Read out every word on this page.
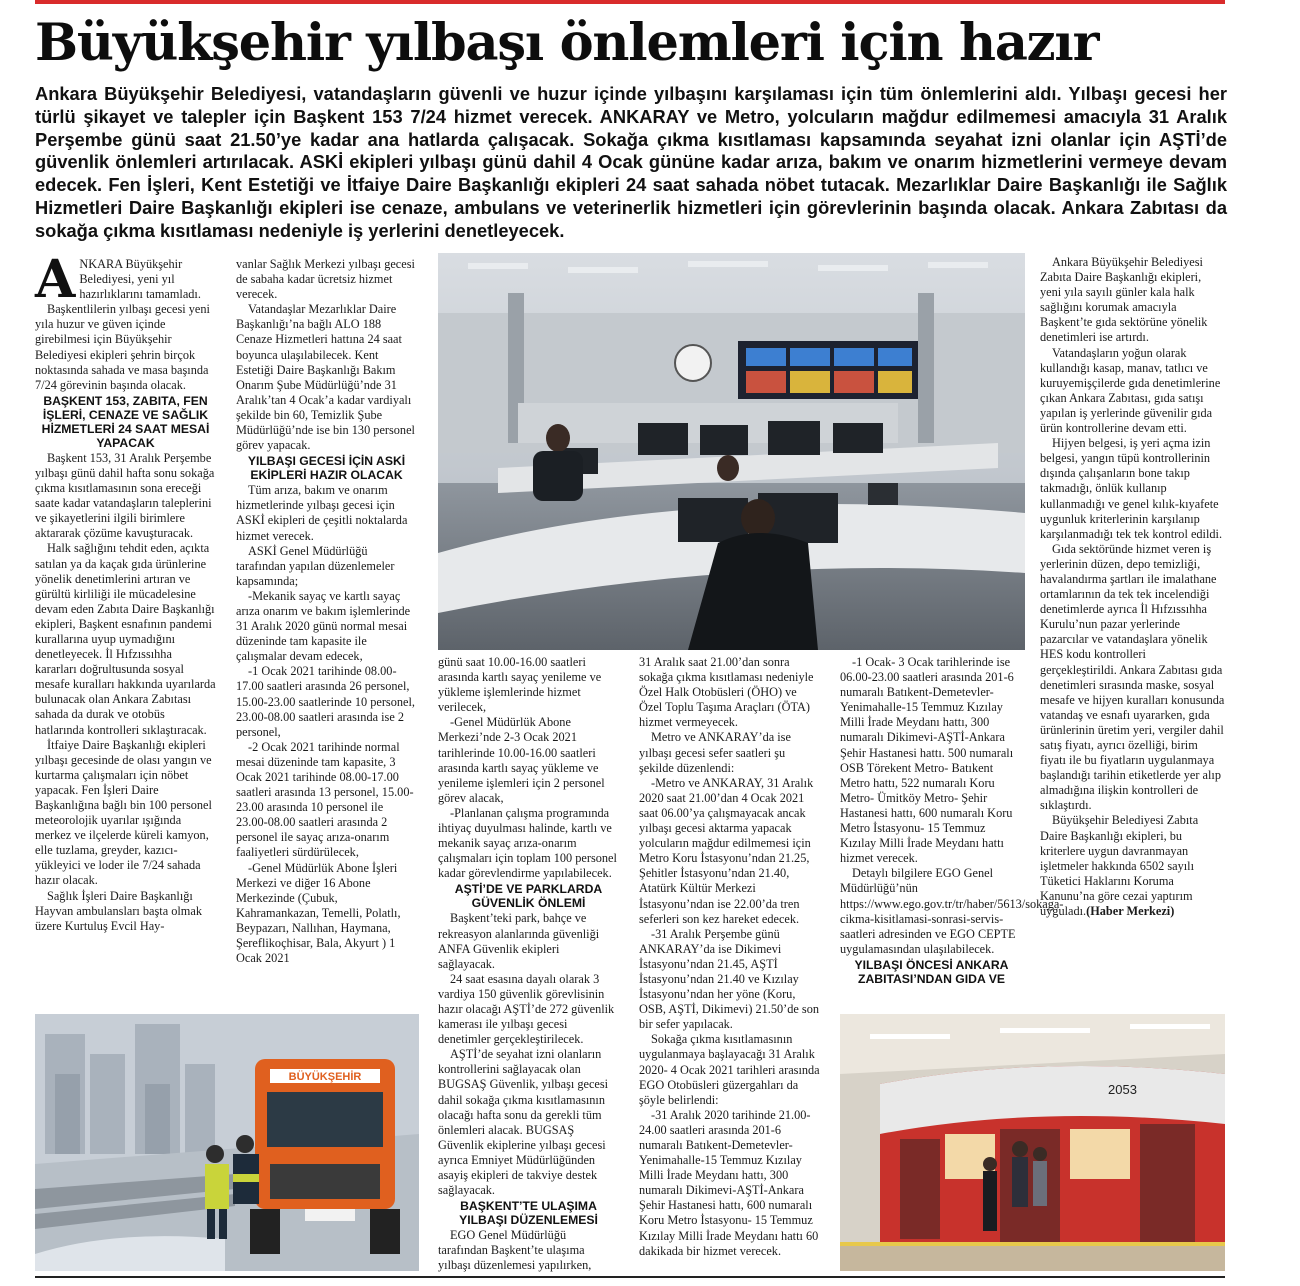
Büyükşehir yılbaşı önlemleri için hazır

Ankara Büyükşehir Belediyesi, vatandaşların güvenli ve huzur içinde yılbaşını karşılaması için tüm önlemlerini aldı. Yılbaşı gecesi her türlü şikayet ve talepler için Başkent 153 7/24 hizmet verecek. ANKARAY ve Metro, yolcuların mağdur edilmemesi amacıyla 31 Aralık Perşembe günü saat 21.50’ye kadar ana hatlarda çalışacak. Sokağa çıkma kısıtlaması kapsamında seyahat izni olanlar için AŞTİ’de güvenlik önlemleri artırılacak. ASKİ ekipleri yılbaşı günü dahil 4 Ocak gününe kadar arıza, bakım ve onarım hizmetlerini vermeye devam edecek. Fen İşleri, Kent Estetiği ve İtfaiye Daire Başkanlığı ekipleri 24 saat sahada nöbet tutacak. Mezarlıklar Daire Başkanlığı ile Sağlık Hizmetleri Daire Başkanlığı ekipleri ise cenaze, ambulans ve veterinerlik hizmetleri için görevlerinin başında olacak. Ankara Zabıtası da sokağa çıkma kısıtlaması nedeniyle iş yerlerini denetleyecek.

ANKARA Büyükşehir Belediyesi, yeni yıl hazırlıklarını tamamladı.

Başkentlilerin yılbaşı gecesi yeni yıla huzur ve güven içinde girebilmesi için Büyükşehir Belediyesi ekipleri şehrin birçok noktasında sahada ve masa başında 7/24 görevinin başında olacak.

BAŞKENT 153, ZABITA, FEN İŞLERİ, CENAZE VE SAĞLIK HİZMETLERİ 24 SAAT MESAİ YAPACAK

Başkent 153, 31 Aralık Perşembe yılbaşı günü dahil hafta sonu sokağa çıkma kısıtlamasının sona ereceği saate kadar vatandaşların taleplerini ve şikayetlerini ilgili birimlere aktararak çözüme kavuşturacak.

Halk sağlığını tehdit eden, açıkta satılan ya da kaçak gıda ürünlerine yönelik denetimlerini artıran ve gürültü kirliliği ile mücadelesine devam eden Zabıta Daire Başkanlığı ekipleri, Başkent esnafının pandemi kurallarına uyup uymadığını denetleyecek. İl Hıfzıssıhha kararları doğrultusunda sosyal mesafe kuralları hakkında uyarılarda bulunacak olan Ankara Zabıtası sahada da durak ve otobüs hatlarında kontrolleri sıklaştıracak.

İtfaiye Daire Başkanlığı ekipleri yılbaşı gecesinde de olası yangın ve kurtarma çalışmaları için nöbet yapacak. Fen İşleri Daire Başkanlığına bağlı bin 100 personel meteorolojik uyarılar ışığında merkez ve ilçelerde küreli kamyon, elle tuzlama, greyder, kazıcı-yükleyici ve loder ile 7/24 sahada hazır olacak.

Sağlık İşleri Daire Başkanlığı Hayvan ambulansları başta olmak üzere Kurtuluş Evcil Hay-

vanlar Sağlık Merkezi yılbaşı gecesi de sabaha kadar ücretsiz hizmet verecek.

Vatandaşlar Mezarlıklar Daire Başkanlığı’na bağlı ALO 188 Cenaze Hizmetleri hattına 24 saat boyunca ulaşılabilecek. Kent Estetiği Daire Başkanlığı Bakım Onarım Şube Müdürlüğü’nde 31 Aralık’tan 4 Ocak’a kadar vardiyalı şekilde bin 60, Temizlik Şube Müdürlüğü’nde ise bin 130 personel görev yapacak.

YILBAŞI GECESİ İÇİN ASKİ EKİPLERİ HAZIR OLACAK

Tüm arıza, bakım ve onarım hizmetlerinde yılbaşı gecesi için ASKİ ekipleri de çeşitli noktalarda hizmet verecek.

ASKİ Genel Müdürlüğü tarafından yapılan düzenlemeler kapsamında;

-Mekanik sayaç ve kartlı sayaç arıza onarım ve bakım işlemlerinde 31 Aralık 2020 günü normal mesai düzeninde tam kapasite ile çalışmalar devam edecek,

-1 Ocak 2021 tarihinde 08.00-17.00 saatleri arasında 26 personel, 15.00-23.00 saatlerinde 10 personel, 23.00-08.00 saatleri arasında ise 2 personel,

-2 Ocak 2021 tarihinde normal mesai düzeninde tam kapasite, 3 Ocak 2021 tarihinde 08.00-17.00 saatleri arasında 13 personel, 15.00-23.00 arasında 10 personel ile 23.00-08.00 saatleri arasında 2 personel ile sayaç arıza-onarım faaliyetleri sürdürülecek,

-Genel Müdürlük Abone İşleri Merkezi ve diğer 16 Abone Merkezinde (Çubuk, Kahramankazan, Temelli, Polatlı, Beypazarı, Nallıhan, Haymana, Şereflikoçhisar, Bala, Akyurt ) 1 Ocak 2021

günü saat 10.00-16.00 saatleri arasında kartlı sayaç yenileme ve yükleme işlemlerinde hizmet verilecek,

-Genel Müdürlük Abone Merkezi’nde 2-3 Ocak 2021 tarihlerinde 10.00-16.00 saatleri arasında kartlı sayaç yükleme ve yenileme işlemleri için 2 personel görev alacak,

-Planlanan çalışma programında ihtiyaç duyulması halinde, kartlı ve mekanik sayaç arıza-onarım çalışmaları için toplam 100 personel kadar görevlendirme yapılabilecek.

AŞTİ’DE VE PARKLARDA GÜVENLİK ÖNLEMİ

Başkent’teki park, bahçe ve rekreasyon alanlarında güvenliği ANFA Güvenlik ekipleri sağlayacak.

24 saat esasına dayalı olarak 3 vardiya 150 güvenlik görevlisinin hazır olacağı AŞTİ’de 272 güvenlik kamerası ile yılbaşı gecesi denetimler gerçekleştirilecek.

AŞTİ’de seyahat izni olanların kontrollerini sağlayacak olan BUGSAŞ Güvenlik, yılbaşı gecesi dahil sokağa çıkma kısıtlamasının olacağı hafta sonu da gerekli tüm önlemleri alacak. BUGSAŞ Güvenlik ekiplerine yılbaşı gecesi ayrıca Emniyet Müdürlüğünden asayiş ekipleri de takviye destek sağlayacak.

BAŞKENT’TE ULAŞIMA YILBAŞI DÜZENLEMESİ

EGO Genel Müdürlüğü tarafından Başkent’te ulaşıma yılbaşı düzenlemesi yapılırken,

31 Aralık saat 21.00’dan sonra sokağa çıkma kısıtlaması nedeniyle Özel Halk Otobüsleri (ÖHO) ve Özel Toplu Taşıma Araçları (ÖTA) hizmet vermeyecek.

Metro ve ANKARAY’da ise yılbaşı gecesi sefer saatleri şu şekilde düzenlendi:

-Metro ve ANKARAY, 31 Aralık 2020 saat 21.00’dan 4 Ocak 2021 saat 06.00’ya çalışmayacak ancak yılbaşı gecesi aktarma yapacak yolcuların mağdur edilmemesi için Metro Koru İstasyonu’ndan 21.25, Şehitler İstasyonu’ndan 21.40, Atatürk Kültür Merkezi İstasyonu’ndan ise 22.00’da tren seferleri son kez hareket edecek.

-31 Aralık Perşembe günü ANKARAY’da ise Dikimevi İstasyonu’ndan 21.45, AŞTİ İstasyonu’ndan 21.40 ve Kızılay İstasyonu’ndan her yöne (Koru, OSB, AŞTİ, Dikimevi) 21.50’de son bir sefer yapılacak.

Sokağa çıkma kısıtlamasının uygulanmaya başlayacağı 31 Aralık 2020- 4 Ocak 2021 tarihleri arasında EGO Otobüsleri güzergahları da şöyle belirlendi:

-31 Aralık 2020 tarihinde 21.00-24.00 saatleri arasında 201-6 numaralı Batıkent-Demetevler-Yenimahalle-15 Temmuz Kızılay Milli İrade Meydanı hattı, 300 numaralı Dikimevi-AŞTİ-Ankara Şehir Hastanesi hattı, 600 numaralı Koru Metro İstasyonu- 15 Temmuz Kızılay Milli İrade Meydanı hattı 60 dakikada bir hizmet verecek.

-1 Ocak- 3 Ocak tarihlerinde ise 06.00-23.00 saatleri arasında 201-6 numaralı Batıkent-Demetevler-Yenimahalle-15 Temmuz Kızılay Milli İrade Meydanı hattı, 300 numaralı Dikimevi-AŞTİ-Ankara Şehir Hastanesi hattı. 500 numaralı OSB Törekent Metro- Batıkent Metro hattı, 522 numaralı Koru Metro- Ümitköy Metro- Şehir Hastanesi hattı, 600 numaralı Koru Metro İstasyonu- 15 Temmuz Kızılay Milli İrade Meydanı hattı hizmet verecek.

Detaylı bilgilere EGO Genel Müdürlüğü’nün https://www.ego.gov.tr/tr/haber/5613/sokaga-cikma-kisitlamasi-sonrasi-servis-saatleri adresinden ve EGO CEPTE uygulamasından ulaşılabilecek.

YILBAŞI ÖNCESİ ANKARA ZABITASI’NDAN GIDA VE

Ankara Büyükşehir Belediyesi Zabıta Daire Başkanlığı ekipleri, yeni yıla sayılı günler kala halk sağlığını korumak amacıyla Başkent’te gıda sektörüne yönelik denetimleri ise artırdı.

Vatandaşların yoğun olarak kullandığı kasap, manav, tatlıcı ve kuruyemişçilerde gıda denetimlerine çıkan Ankara Zabıtası, gıda satışı yapılan iş yerlerinde güvenilir gıda ürün kontrollerine devam etti.

Hijyen belgesi, iş yeri açma izin belgesi, yangın tüpü kontrollerinin dışında çalışanların bone takıp takmadığı, önlük kullanıp kullanmadığı ve genel kılık-kıyafete uygunluk kriterlerinin karşılanıp karşılanmadığı tek tek kontrol edildi.

Gıda sektöründe hizmet veren iş yerlerinin düzen, depo temizliği, havalandırma şartları ile imalathane ortamlarının da tek tek incelendiği denetimlerde ayrıca İl Hıfzıssıhha Kurulu’nun pazar yerlerinde pazarcılar ve vatandaşlara yönelik HES kodu kontrolleri gerçekleştirildi. Ankara Zabıtası gıda denetimleri sırasında maske, sosyal mesafe ve hijyen kuralları konusunda vatandaş ve esnafı uyararken, gıda ürünlerinin üretim yeri, vergiler dahil satış fiyatı, ayrıcı özelliği, birim fiyatı ile bu fiyatların uygulanmaya başlandığı tarihin etiketlerde yer alıp almadığına ilişkin kontrolleri de sıklaştırdı.

Büyükşehir Belediyesi Zabıta Daire Başkanlığı ekipleri, bu kriterlere uygun davranmayan işletmeler hakkında 6502 sayılı Tüketici Haklarını Koruma Kanunu’na göre cezai yaptırım uyguladı.(Haber Merkezi)

BÜYÜKŞEHİR
2053
